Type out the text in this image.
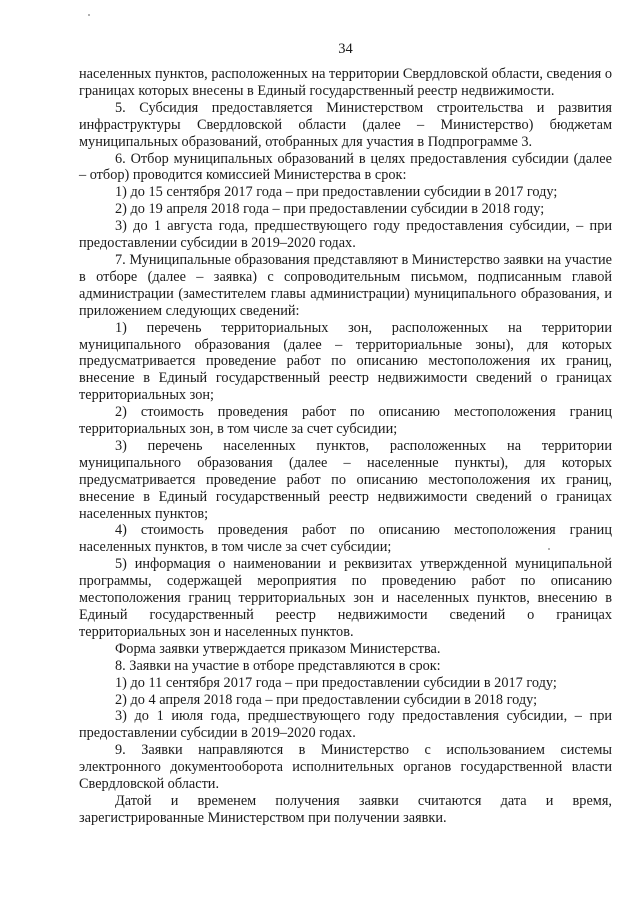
34

населенных пунктов, расположенных на территории Свердловской области, сведения о границах которых внесены в Единый государственный реестр недвижимости.

5. Субсидия предоставляется Министерством строительства и развития инфраструктуры Свердловской области (далее – Министерство) бюджетам муниципальных образований, отобранных для участия в Подпрограмме 3.

6. Отбор муниципальных образований в целях предоставления субсидии (далее – отбор) проводится комиссией Министерства в срок:

1) до 15 сентября 2017 года – при предоставлении субсидии в 2017 году;

2) до 19 апреля 2018 года – при предоставлении субсидии в 2018 году;

3) до 1 августа года, предшествующего году предоставления субсидии, – при предоставлении субсидии в 2019–2020 годах.

7. Муниципальные образования представляют в Министерство заявки на участие в отборе (далее – заявка) с сопроводительным письмом, подписанным главой администрации (заместителем главы администрации) муниципального образования, и приложением следующих сведений:

1) перечень территориальных зон, расположенных на территории муниципального образования (далее – территориальные зоны), для которых предусматривается проведение работ по описанию местоположения их границ, внесение в Единый государственный реестр недвижимости сведений о границах территориальных зон;

2) стоимость проведения работ по описанию местоположения границ территориальных зон, в том числе за счет субсидии;

3) перечень населенных пунктов, расположенных на территории муниципального образования (далее – населенные пункты), для которых предусматривается проведение работ по описанию местоположения их границ, внесение в Единый государственный реестр недвижимости сведений о границах населенных пунктов;

4) стоимость проведения работ по описанию местоположения границ населенных пунктов, в том числе за счет субсидии;

5) информация о наименовании и реквизитах утвержденной муниципальной программы, содержащей мероприятия по проведению работ по описанию местоположения границ территориальных зон и населенных пунктов, внесению в Единый государственный реестр недвижимости сведений о границах территориальных зон и населенных пунктов.

Форма заявки утверждается приказом Министерства.

8. Заявки на участие в отборе представляются в срок:

1) до 11 сентября 2017 года – при предоставлении субсидии в 2017 году;

2) до 4 апреля 2018 года – при предоставлении субсидии в 2018 году;

3) до 1 июля года, предшествующего году предоставления субсидии, – при предоставлении субсидии в 2019–2020 годах.

9. Заявки направляются в Министерство с использованием системы электронного документооборота исполнительных органов государственной власти Свердловской области.

Датой и временем получения заявки считаются дата и время, зарегистрированные Министерством при получении заявки.
